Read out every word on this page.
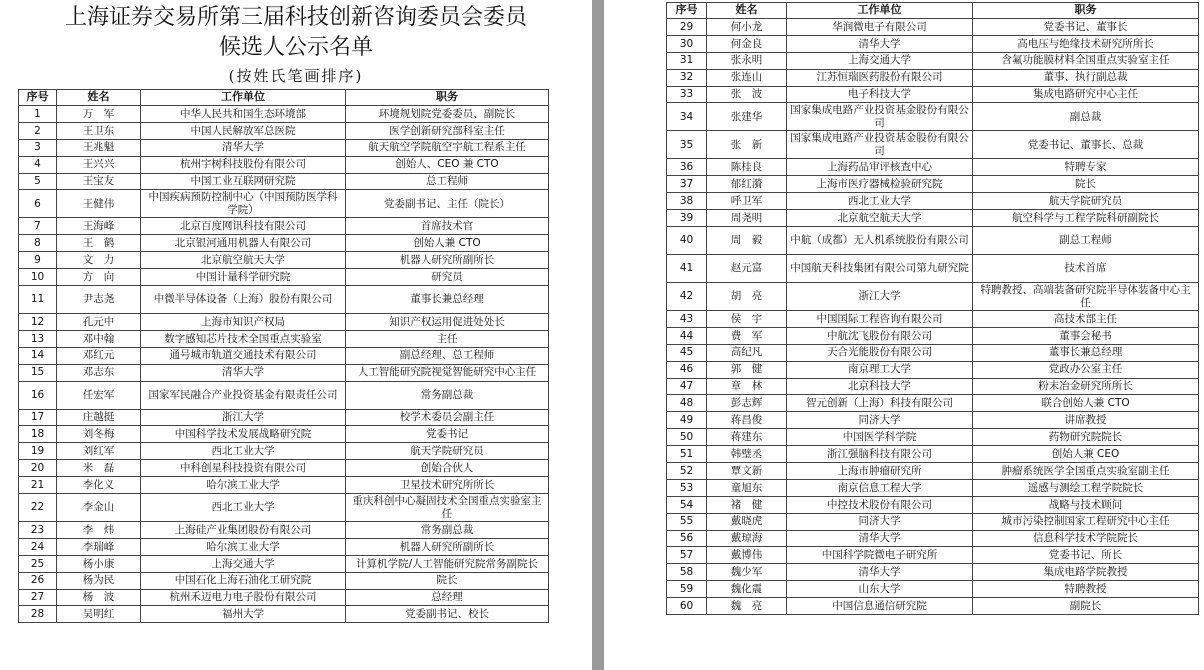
上海证券交易所第三届科技创新咨询委员会委员
候选人公示名单
(按姓氏笔画排序)
序号	姓名	工作单位	职务
1	万　军	中华人民共和国生态环境部	环境规划院党委委员、副院长
2	王卫东	中国人民解放军总医院	医学创新研究部科室主任
3	王兆魁	清华大学	航天航空学院航空宇航工程系主任
4	王兴兴	杭州宇树科技股份有限公司	创始人、CEO 兼 CTO
5	王宝友	中国工业互联网研究院	总工程师
6	王健伟	中国疾病预防控制中心（中国预防医学科学院）	党委副书记、主任（院长）
7	王海峰	北京百度网讯科技有限公司	首席技术官
8	王　鹤	北京银河通用机器人有限公司	创始人兼 CTO
9	文　力	北京航空航天大学	机器人研究所副所长
10	方　向	中国计量科学研究院	研究员
11	尹志尧	中微半导体设备（上海）股份有限公司	董事长兼总经理
12	孔元中	上海市知识产权局	知识产权运用促进处处长
13	邓中翰	数字感知芯片技术全国重点实验室	主任
14	邓红元	通号城市轨道交通技术有限公司	副总经理、总工程师
15	邓志东	清华大学	人工智能研究院视觉智能研究中心主任
16	任宏军	国家军民融合产业投资基金有限责任公司	常务副总裁
17	庄越挺	浙江大学	校学术委员会副主任
18	刘冬梅	中国科学技术发展战略研究院	党委书记
19	刘红军	西北工业大学	航天学院研究员
20	米　磊	中科创星科技投资有限公司	创始合伙人
21	李化义	哈尔滨工业大学	卫星技术研究所所长
22	李金山	西北工业大学	重庆科创中心凝固技术全国重点实验室主任
23	李　炜	上海硅产业集团股份有限公司	常务副总裁
24	李瑞峰	哈尔滨工业大学	机器人研究所副所长
25	杨小康	上海交通大学	计算机学院/人工智能研究院常务副院长
26	杨为民	中国石化上海石油化工研究院	院长
27	杨　波	杭州禾迈电力电子股份有限公司	总经理
28	吴明红	福州大学	党委副书记、校长
序号	姓名	工作单位	职务
29	何小龙	华润微电子有限公司	党委书记、董事长
30	何金良	清华大学	高电压与绝缘技术研究所所长
31	张永明	上海交通大学	含氟功能膜材料全国重点实验室主任
32	张连山	江苏恒瑞医药股份有限公司	董事、执行副总裁
33	张　波	电子科技大学	集成电路研究中心主任
34	张建华	国家集成电路产业投资基金股份有限公司	副总裁
35	张　新	国家集成电路产业投资基金股份有限公司	党委书记、董事长、总裁
36	陈桂良	上海药品审评核查中心	特聘专家
37	郁红漪	上海市医疗器械检验研究院	院长
38	呼卫军	西北工业大学	航天学院研究员
39	周尧明	北京航空航天大学	航空科学与工程学院科研副院长
40	周　毅	中航（成都）无人机系统股份有限公司	副总工程师
41	赵元富	中国航天科技集团有限公司第九研究院	技术首席
42	胡　亮	浙江大学	特聘教授、高端装备研究院半导体装备中心主任
43	侯　宇	中国国际工程咨询有限公司	高技术部主任
44	费　军	中航沈飞股份有限公司	董事会秘书
45	高纪凡	天合光能股份有限公司	董事长兼总经理
46	郭　健	南京理工大学	党政办公室主任
47	章　林	北京科技大学	粉末冶金研究所所长
48	彭志辉	智元创新（上海）科技有限公司	联合创始人兼 CTO
49	蒋昌俊	同济大学	讲席教授
50	蒋建东	中国医学科学院	药物研究院院长
51	韩璧丞	浙江强脑科技有限公司	创始人兼 CEO
52	覃文新	上海市肿瘤研究所	肿瘤系统医学全国重点实验室副主任
53	童旭东	南京信息工程大学	遥感与测绘工程学院院长
54	褚　健	中控技术股份有限公司	战略与技术顾问
55	戴晓虎	同济大学	城市污染控制国家工程研究中心主任
56	戴琼海	清华大学	信息科学技术学院院长
57	戴博伟	中国科学院微电子研究所	党委书记、所长
58	魏少军	清华大学	集成电路学院教授
59	魏化震	山东大学	特聘教授
60	魏　亮	中国信息通信研究院	副院长
